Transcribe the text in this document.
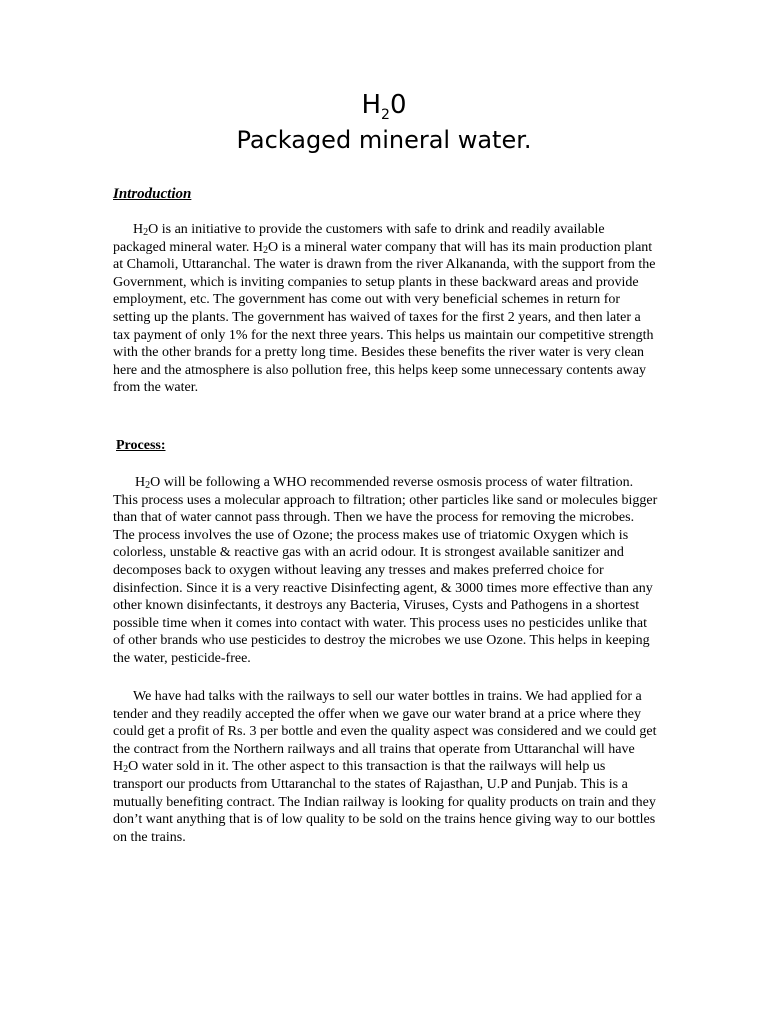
$H_20$
Packaged mineral water.
Introduction

H2O is an initiative to provide the customers with safe to drink and readily available packaged mineral water. H2O is a mineral water company that will has its main production plant at Chamoli, Uttaranchal. The water is drawn from the river Alkananda, with the support from the Government, which is inviting companies to setup plants in these backward areas and provide employment, etc. The government has come out with very beneficial schemes in return for setting up the plants. The government has waived of taxes for the first 2 years, and then later a tax payment of only 1% for the next three years. This helps us maintain our competitive strength with the other brands for a pretty long time. Besides these benefits the river water is very clean here and the atmosphere is also pollution free, this helps keep some unnecessary contents away from the water.

Process:

H2O will be following a WHO recommended reverse osmosis process of water filtration. This process uses a molecular approach to filtration; other particles like sand or molecules bigger than that of water cannot pass through. Then we have the process for removing the microbes. The process involves the use of Ozone; the process makes use of triatomic Oxygen which is colorless, unstable & reactive gas with an acrid odour. It is strongest available sanitizer and decomposes back to oxygen without leaving any tresses and makes preferred choice for disinfection. Since it is a very reactive Disinfecting agent, & 3000 times more effective than any other known disinfectants, it destroys any Bacteria, Viruses, Cysts and Pathogens in a shortest possible time when it comes into contact with water. This process uses no pesticides unlike that of other brands who use pesticides to destroy the microbes we use Ozone. This helps in keeping the water, pesticide-free.

We have had talks with the railways to sell our water bottles in trains. We had applied for a tender and they readily accepted the offer when we gave our water brand at a price where they could get a profit of Rs. 3 per bottle and even the quality aspect was considered and we could get the contract from the Northern railways and all trains that operate from Uttaranchal will have H2O water sold in it. The other aspect to this transaction is that the railways will help us transport our products from Uttaranchal to the states of Rajasthan, U.P and Punjab. This is a mutually benefiting contract. The Indian railway is looking for quality products on train and they don’t want anything that is of low quality to be sold on the trains hence giving way to our bottles on the trains.
